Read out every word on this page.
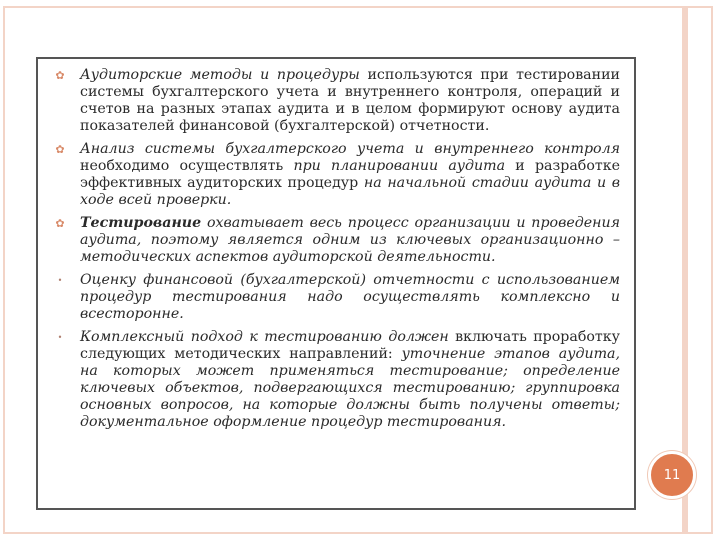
✿ Аудиторские методы и процедуры используются при тестировании системы бухгалтерского учета и внутреннего контроля, операций и счетов на разных этапах аудита и в целом формируют основу аудита показателей финансовой (бухгалтерской) отчетности.

✿ Анализ системы бухгалтерского учета и внутреннего контроля необходимо осуществлять при планировании аудита и разработке эффективных аудиторских процедур на начальной стадии аудита и в ходе всей проверки.

✿ Тестирование охватывает весь процесс организации и проведения аудита, поэтому является одним из ключевых организационно – методических аспектов аудиторской деятельности.

• Оценку финансовой (бухгалтерской) отчетности с использованием процедур тестирования надо осуществлять комплексно и всесторонне.

• Комплексный подход к тестированию должен включать проработку следующих методических направлений: уточнение этапов аудита, на которых может применяться тестирование; определение ключевых объектов, подвергающихся тестированию; группировка основных вопросов, на которые должны быть получены ответы; документальное оформление процедур тестирования.

11
